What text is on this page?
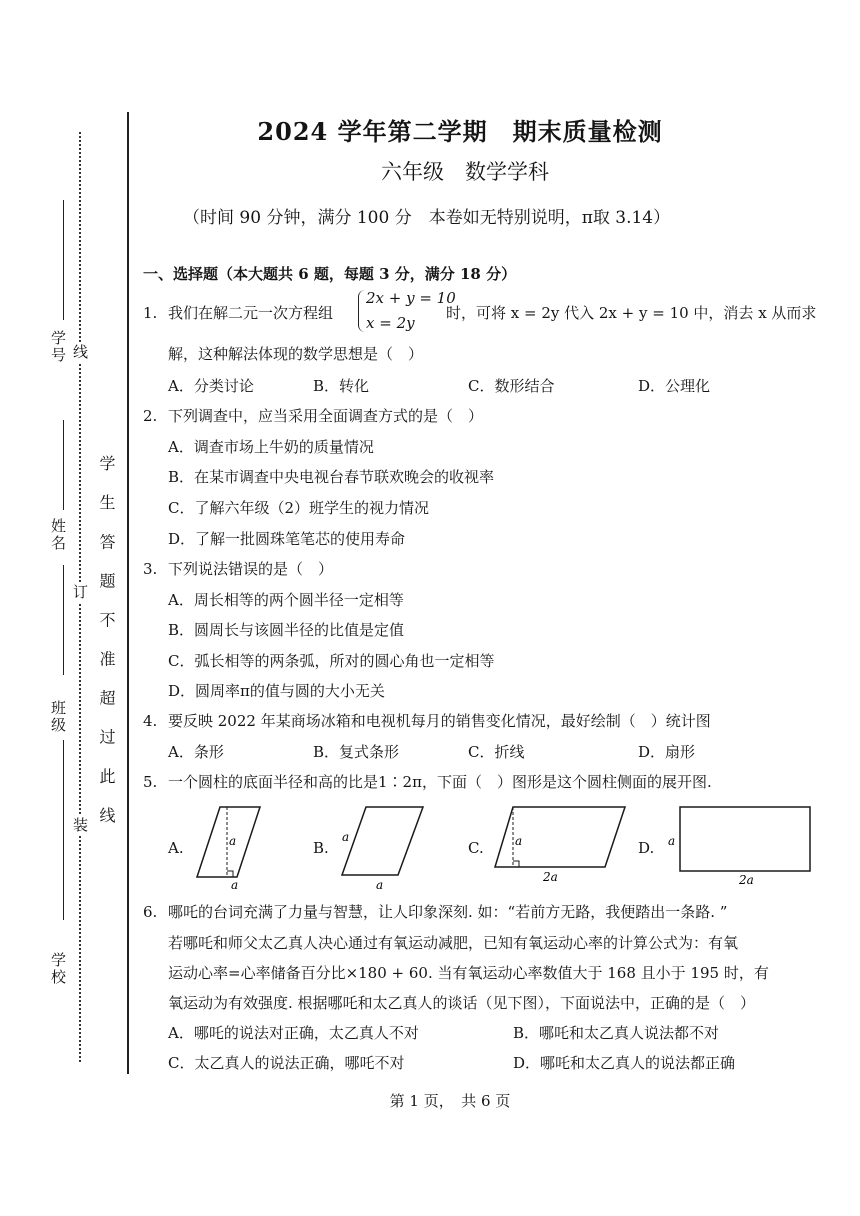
学号
姓名
班级
学校
线
订
装 学 生 答 题 不 准 超 过 此 线
2024 学年第二学期　期末质量检测
六年级　数学学科
（时间 90 分钟，满分 100 分　本卷如无特别说明，π取 3.14）
一、选择题（本大题共 6 题，每题 3 分，满分 18 分）
1. 我们在解二元一次方程组
2x + y = 10
x = 2y
时，可将 x = 2y 代入 2x + y = 10 中，消去 x 从而求
解，这种解法体现的数学思想是（　）
A．分类讨论	B．转化	C．数形结合	D．公理化
2. 下列调查中，应当采用全面调查方式的是（　）
A．调查市场上牛奶的质量情况
B．在某市调查中央电视台春节联欢晚会的收视率
C．了解六年级（2）班学生的视力情况
D．了解一批圆珠笔笔芯的使用寿命
3. 下列说法错误的是（　）
A．周长相等的两个圆半径一定相等
B．圆周长与该圆半径的比值是定值
C．弧长相等的两条弧，所对的圆心角也一定相等
D．圆周率π的值与圆的大小无关
4. 要反映 2022 年某商场冰箱和电视机每月的销售变化情况，最好绘制（　）统计图
A．条形	B．复式条形	C．折线	D．扇形
5. 一个圆柱的底面半径和高的比是1∶2π，下面（　）图形是这个圆柱侧面的展开图.
A.	a
a
B.
a
a
C.	a
2a
D. a
2a
6. 哪吒的台词充满了力量与智慧，让人印象深刻. 如：“若前方无路，我便踏出一条路. ”
若哪吒和师父太乙真人决心通过有氧运动减肥，已知有氧运动心率的计算公式为：有氧
运动心率=心率储备百分比×180 + 60. 当有氧运动心率数值大于 168 且小于 195 时，有
氧运动为有效强度. 根据哪吒和太乙真人的谈话（见下图），下面说法中，正确的是（　）
A．哪吒的说法对正确，太乙真人不对	B．哪吒和太乙真人说法都不对
C．太乙真人的说法正确，哪吒不对	D．哪吒和太乙真人的说法都正确
第 1 页，　共 6 页
